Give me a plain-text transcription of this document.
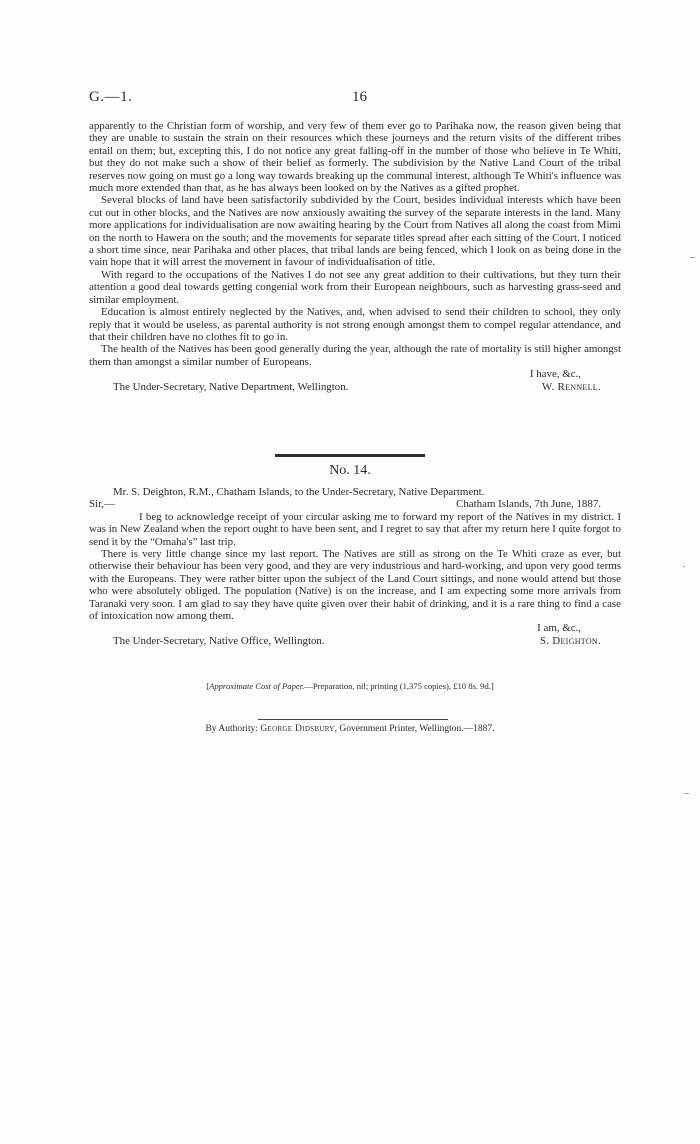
G.—1.	16

apparently to the Christian form of worship, and very few of them ever go to Parihaka now, the reason given being that they are unable to sustain the strain on their resources which these journeys and the return visits of the different tribes entail on them; but, excepting this, I do not notice any great falling-off in the number of those who believe in Te Whiti, but they do not make such a show of their belief as formerly. The subdivision by the Native Land Court of the tribal reserves now going on must go a long way towards breaking up the communal interest, although Te Whiti's influence was much more extended than that, as he has always been looked on by the Natives as a gifted prophet.

Several blocks of land have been satisfactorily subdivided by the Court, besides individual interests which have been cut out in other blocks, and the Natives are now anxiously awaiting the survey of the separate interests in the land. Many more applications for individualisation are now awaiting hearing by the Court from Natives all along the coast from Mimi on the north to Hawera on the south; and the movements for separate titles spread after each sitting of the Court. I noticed a short time since, near Parihaka and other places, that tribal lands are being fenced, which I look on as being done in the vain hope that it will arrest the movement in favour of individualisation of title.

With regard to the occupations of the Natives I do not see any great addition to their cultivations, but they turn their attention a good deal towards getting congenial work from their European neighbours, such as harvesting grass-seed and similar employment.

Education is almost entirely neglected by the Natives, and, when advised to send their children to school, they only reply that it would be useless, as parental authority is not strong enough amongst them to compel regular attendance, and that their children have no clothes fit to go in.

The health of the Natives has been good generally during the year, although the rate of mortality is still higher amongst them than amongst a similar number of Europeans.

I have, &c.,
The Under-Secretary, Native Department, Wellington.	W. Rennell.
No. 14.
Mr. S. Deighton, R.M., Chatham Islands, to the Under-Secretary, Native Department.
Sir,—	Chatham Islands, 7th June, 1887.

I beg to acknowledge receipt of your circular asking me to forward my report of the Natives in my district. I was in New Zealand when the report ought to have been sent, and I regret to say that after my return here I quite forgot to send it by the “Omaha's” last trip.

There is very little change since my last report. The Natives are still as strong on the Te Whiti craze as ever, but otherwise their behaviour has been very good, and they are very industrious and hard-working, and upon very good terms with the Europeans. They were rather bitter upon the subject of the Land Court sittings, and none would attend but those who were absolutely obliged. The population (Native) is on the increase, and I am expecting some more arrivals from Taranaki very soon. I am glad to say they have quite given over their habit of drinking, and it is a rare thing to find a case of intoxication now among them.

I am, &c.,
The Under-Secretary, Native Office, Wellington.	S. Deighton.
[Approximate Cost of Paper.—Preparation, nil; printing (1,375 copies), £10 8s. 9d.]
By Authority: George Didsbury, Government Printer, Wellington.—1887.
‒
·
‒
